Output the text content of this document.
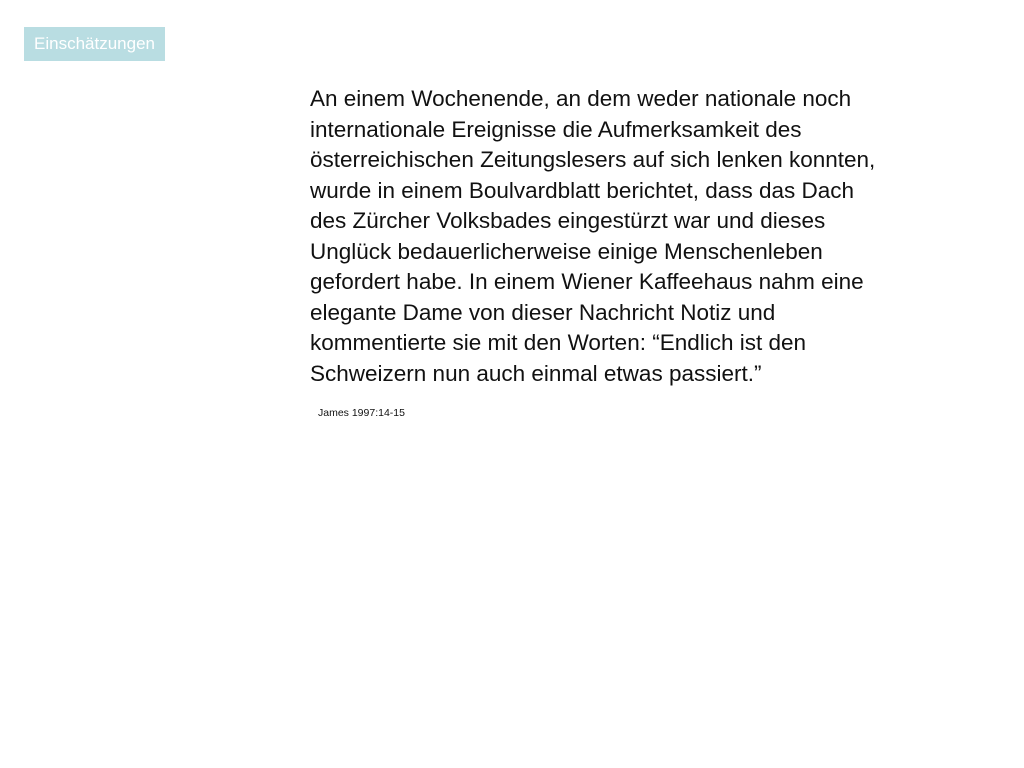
Einschätzungen
An einem Wochenende, an dem weder nationale noch
internationale Ereignisse die Aufmerksamkeit des
österreichischen Zeitungslesers auf sich lenken konnten,
wurde in einem Boulvardblatt berichtet, dass das Dach
des Zürcher Volksbades eingestürzt war und dieses
Unglück bedauerlicherweise einige Menschenleben
gefordert habe. In einem Wiener Kaffeehaus nahm eine
elegante Dame von dieser Nachricht Notiz und
kommentierte sie mit den Worten: “Endlich ist den
Schweizern nun auch einmal etwas passiert.”
James 1997:14-15
